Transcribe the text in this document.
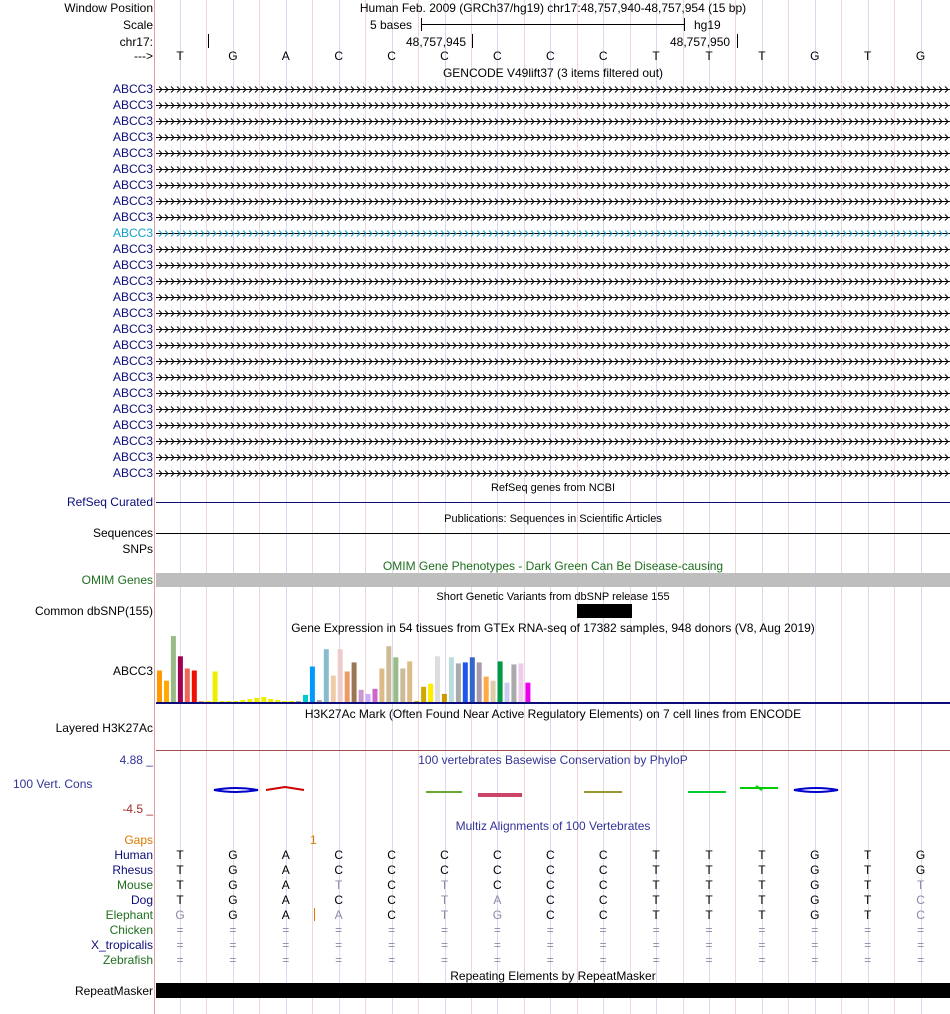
Window Position	Human Feb. 2009 (GRCh37/hg19) chr17:48,757,940-48,757,954 (15 bp)
Scale	5 bases	hg19
chr17:	48,757,945	48,757,950
--->	T	G	A	C	C	C	C	C	C	T	T	T	G	T	G
GENCODE V49lift37 (3 items filtered out)
ABCC3
ABCC3
ABCC3
ABCC3
ABCC3
ABCC3
ABCC3
ABCC3
ABCC3
ABCC3
ABCC3
ABCC3
ABCC3
ABCC3
ABCC3
ABCC3
ABCC3
ABCC3
ABCC3
ABCC3
ABCC3
ABCC3
ABCC3
ABCC3
ABCC3
RefSeq genes from NCBI
RefSeq Curated
Publications: Sequences in Scientific Articles
Sequences
SNPs
OMIM Gene Phenotypes - Dark Green Can Be Disease-causing
OMIM Genes
Short Genetic Variants from dbSNP release 155
Common dbSNP(155)
Gene Expression in 54 tissues from GTEx RNA-seq of 17382 samples, 948 donors (V8, Aug 2019)
ABCC3
H3K27Ac Mark (Often Found Near Active Regulatory Elements) on 7 cell lines from ENCODE
Layered H3K27Ac
100 vertebrates Basewise Conservation by PhyloP
4.88 _
100 Vert. Cons
-4.5 _
Multiz Alignments of 100 Vertebrates
Gaps	1
Human	T	G	A	C	C	C	C	C	C	T	T	T	G	T	G
Rhesus	T	G	A	C	C	C	C	C	C	T	T	T	G	T	G
Mouse	T	G	A	T	C	T	C	C	C	T	T	T	G	T	T
Dog	T	G	A	C	C	T	A	C	C	T	T	T	G	T	C
Elephant	G	G	A	A	C	T	G	C	C	T	T	T	G	T	C
Chicken	=	=	=	=	=	=	=	=	=	=	=	=	=	=	=
X_tropicalis	=	=	=	=	=	=	=	=	=	=	=	=	=	=	=
Zebrafish	=	=	=	=	=	=	=	=	=	=	=	=	=	=	=
Repeating Elements by RepeatMasker
RepeatMasker
